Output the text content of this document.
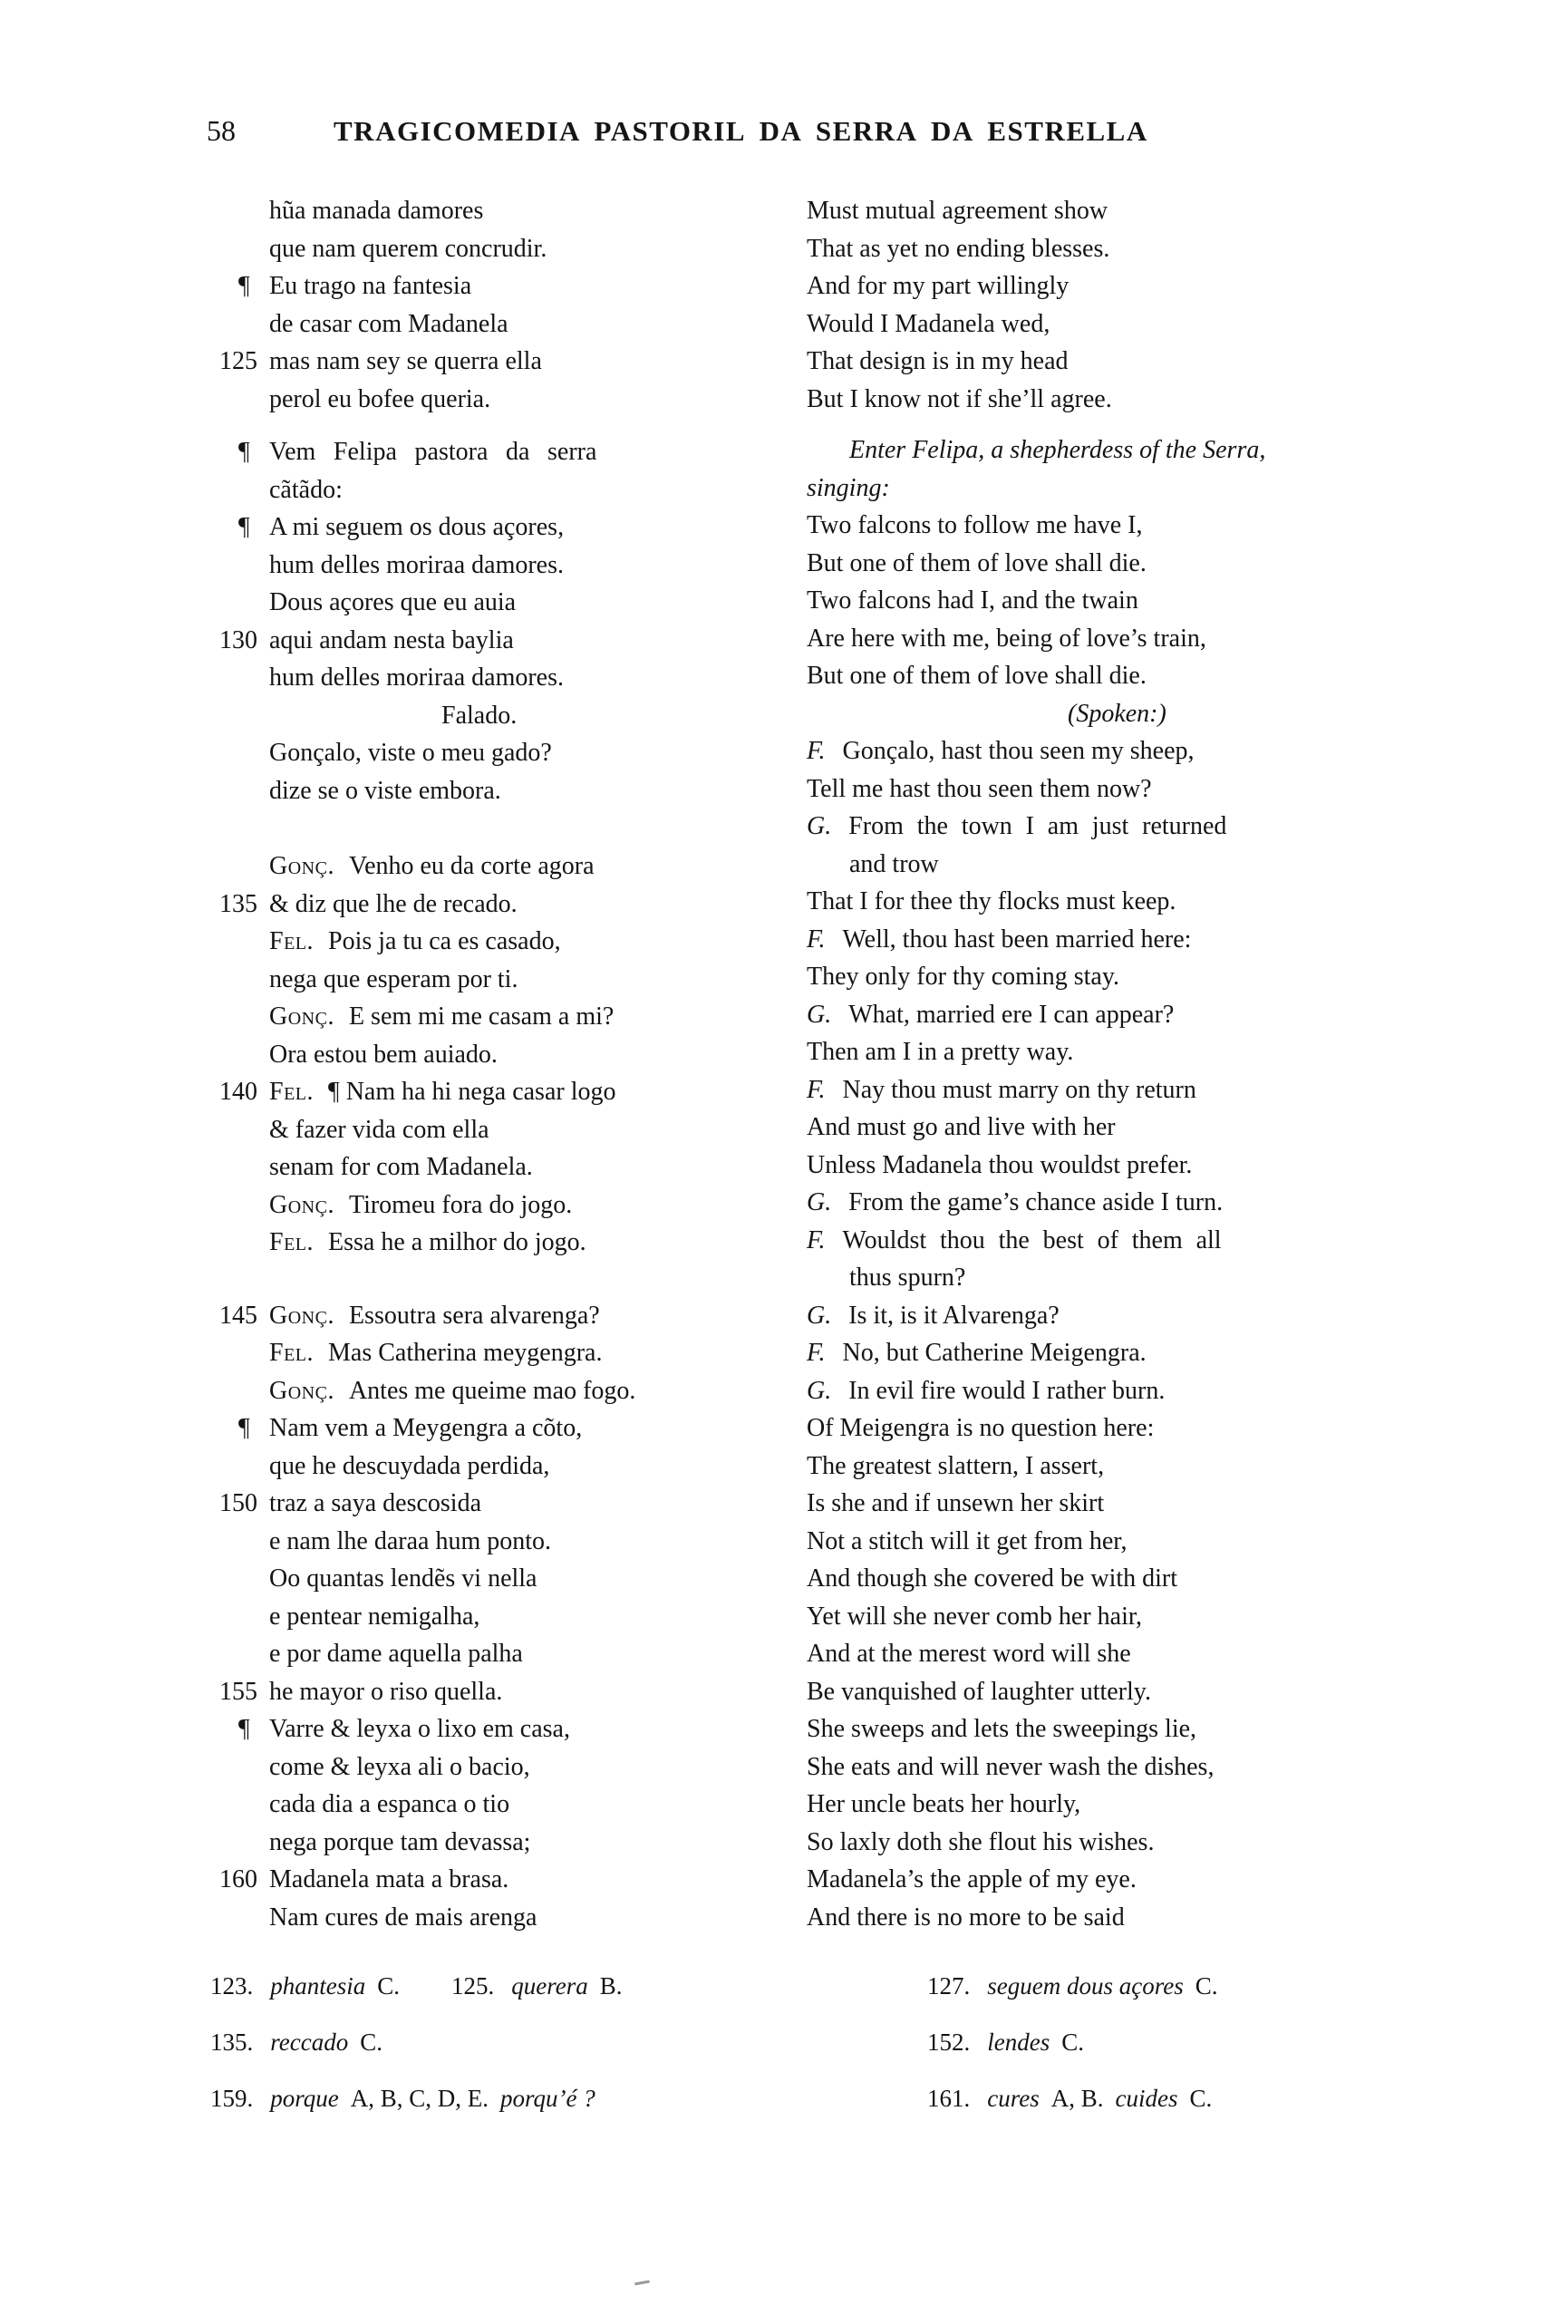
58	TRAGICOMEDIA PASTORIL DA SERRA DA ESTRELLA
hũa manada damores
que nam querem concrudir.
¶ Eu trago na fantesia
de casar com Madanela
125 mas nam sey se querra ella
perol eu bofee queria.
¶ Vem Felipa pastora da serra
cãtãdo:
¶ A mi seguem os dous açores,
hum delles moriraa damores.
Dous açores que eu auia
130 aqui andam nesta baylia
hum delles moriraa damores.
Falado.
Gonçalo, viste o meu gado?
dize se o viste embora.
Gonç. Venho eu da corte agora
135 & diz que lhe de recado.
Fel. Pois ja tu ca es casado,
nega que esperam por ti.
Gonç. E sem mi me casam a mi?
Ora estou bem auiado.
140 Fel. ¶ Nam ha hi nega casar logo
& fazer vida com ella
senam for com Madanela.
Gonç. Tiromeu fora do jogo.
Fel. Essa he a milhor do jogo.
145 Gonç. Essoutra sera alvarenga?
Fel. Mas Catherina meygengra.
Gonç. Antes me queime mao fogo.
¶ Nam vem a Meygengra a cõto,
que he descuydada perdida,
150 traz a saya descosida
e nam lhe daraa hum ponto.
Oo quantas lendẽs vi nella
e pentear nemigalha,
e por dame aquella palha
155 he mayor o riso quella.
¶ Varre & leyxa o lixo em casa,
come & leyxa ali o bacio,
cada dia a espanca o tio
nega porque tam devassa;
160 Madanela mata a brasa.
Nam cures de mais arenga
Must mutual agreement show
That as yet no ending blesses.
And for my part willingly
Would I Madanela wed,
That design is in my head
But I know not if she’ll agree.
Enter Felipa, a shepherdess of the Serra,
singing:
Two falcons to follow me have I,
But one of them of love shall die.
Two falcons had I, and the twain
Are here with me, being of love’s train,
But one of them of love shall die.
(Spoken:)
F. Gonçalo, hast thou seen my sheep,
Tell me hast thou seen them now?
G. From the town I am just returned
and trow
That I for thee thy flocks must keep.
F. Well, thou hast been married here:
They only for thy coming stay.
G. What, married ere I can appear?
Then am I in a pretty way.
F. Nay thou must marry on thy return
And must go and live with her
Unless Madanela thou wouldst prefer.
G. From the game’s chance aside I turn.
F. Wouldst thou the best of them all
thus spurn?
G. Is it, is it Alvarenga?
F. No, but Catherine Meigengra.
G. In evil fire would I rather burn.
Of Meigengra is no question here:
The greatest slattern, I assert,
Is she and if unsewn her skirt
Not a stitch will it get from her,
And though she covered be with dirt
Yet will she never comb her hair,
And at the merest word will she
Be vanquished of laughter utterly.
She sweeps and lets the sweepings lie,
She eats and will never wash the dishes,
Her uncle beats her hourly,
So laxly doth she flout his wishes.
Madanela’s the apple of my eye.
And there is no more to be said
123. phantesia C.	125. querera B.	127. seguem dous açores C.
135. reccado C.	152. lendes C.
159. porque A, B, C, D, E. porqu’é ?	161. cures A, B. cuides C.
